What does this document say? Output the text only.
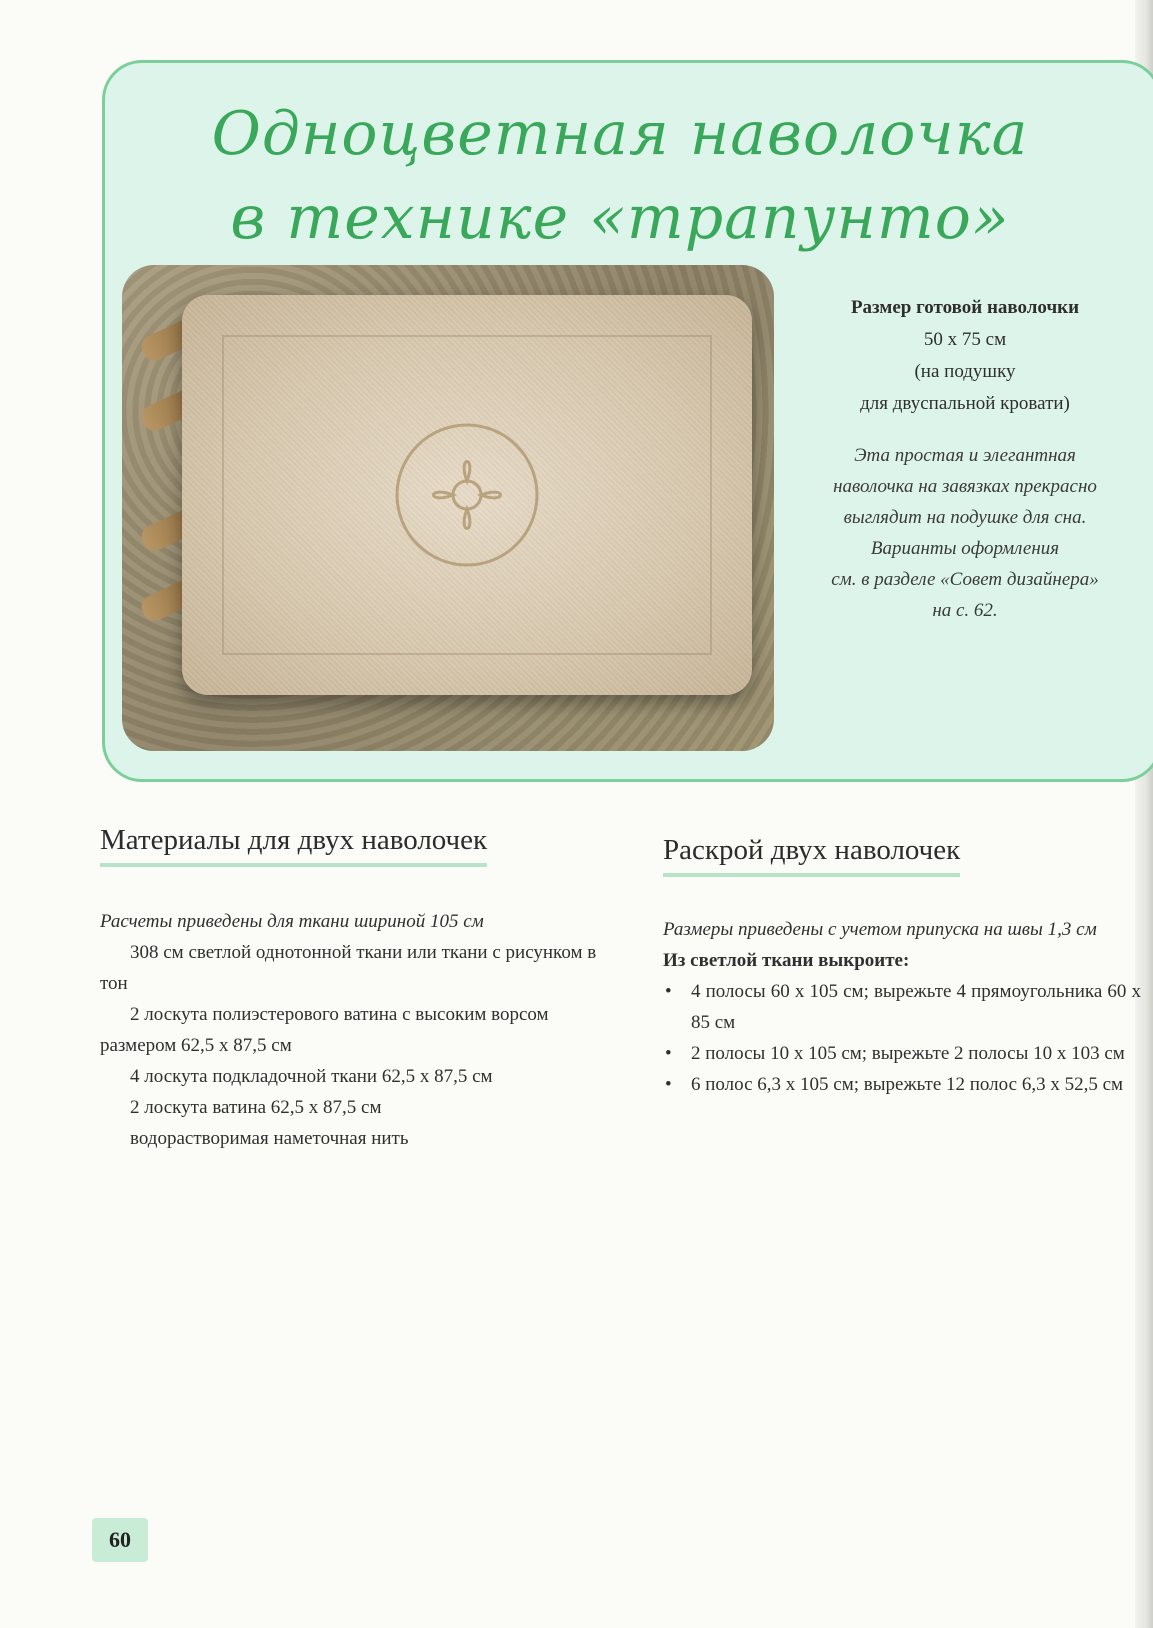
Одноцветная наволочка
в технике «трапунто»
Размер готовой наволочки
50 х 75 см
(на подушку
для двуспальной кровати)
Эта простая и элегантная
наволочка на завязках прекрасно
выглядит на подушке для сна.
Варианты оформления
см. в разделе «Совет дизайнера»
на с. 62.
Материалы для двух наволочек	Раскрой двух наволочек
Расчеты приведены для ткани шириной 105 см
308 см светлой однотонной ткани или ткани с рисунком в тон
2 лоскута полиэстерового ватина с высоким ворсом размером 62,5 х 87,5 см
4 лоскута подкладочной ткани 62,5 х 87,5 см
2 лоскута ватина 62,5 х 87,5 см
водорастворимая наметочная нить
Размеры приведены с учетом припуска на швы 1,3 см
Из светлой ткани выкроите:
• 4 полосы 60 х 105 см; вырежьте 4 прямоугольника 60 х 85 см
• 2 полосы 10 х 105 см; вырежьте 2 полосы 10 х 103 см
• 6 полос 6,3 х 105 см; вырежьте 12 полос 6,3 х 52,5 см
60
